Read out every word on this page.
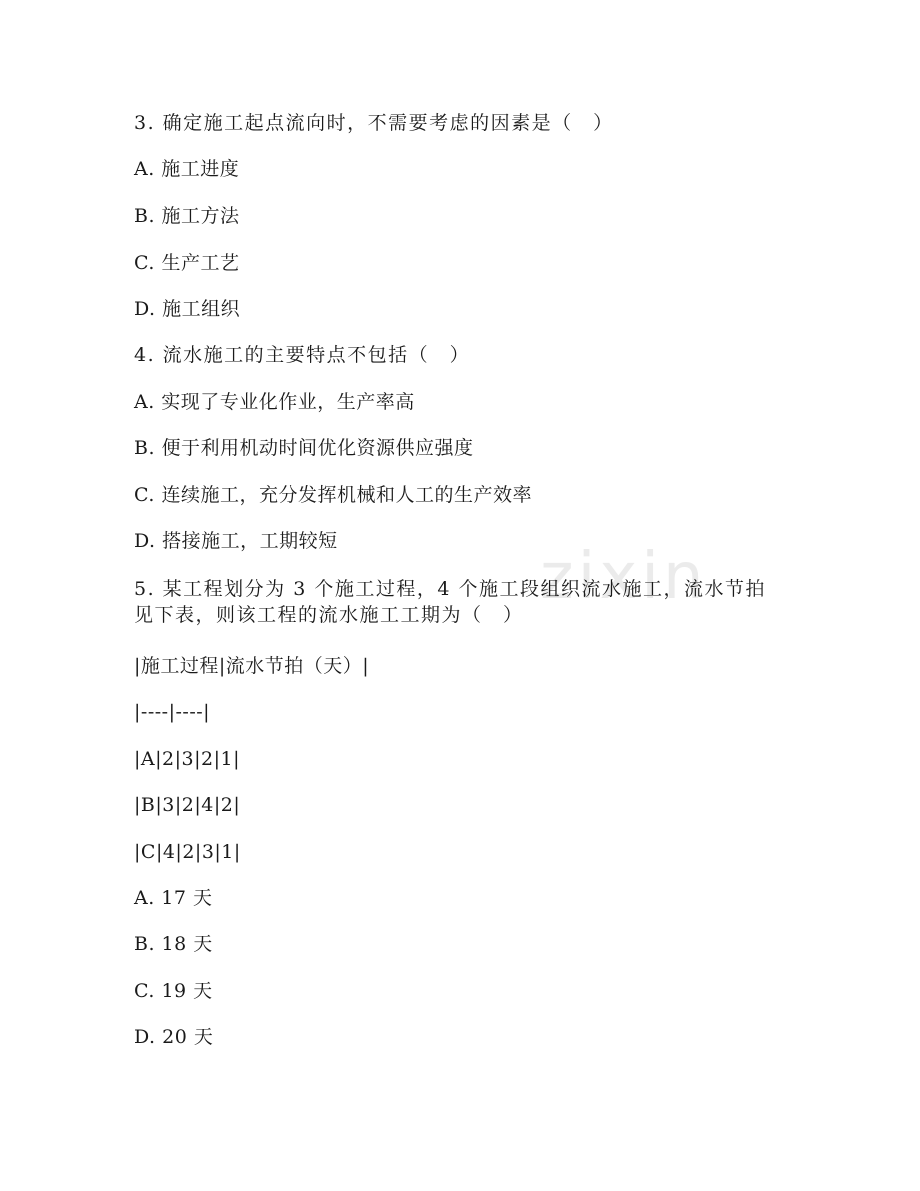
zixin
3. 确定施工起点流向时，不需要考虑的因素是（　）
A. 施工进度
B. 施工方法
C. 生产工艺
D. 施工组织
4. 流水施工的主要特点不包括（　）
A. 实现了专业化作业，生产率高
B. 便于利用机动时间优化资源供应强度
C. 连续施工，充分发挥机械和人工的生产效率
D. 搭接施工，工期较短
5. 某工程划分为 3 个施工过程，4 个施工段组织流水施工，流水节拍见下表，则该工程的流水施工工期为（　）
|施工过程|流水节拍（天）|
|----|----|
|A|2|3|2|1|
|B|3|2|4|2|
|C|4|2|3|1|
A. 17 天
B. 18 天
C. 19 天
D. 20 天
